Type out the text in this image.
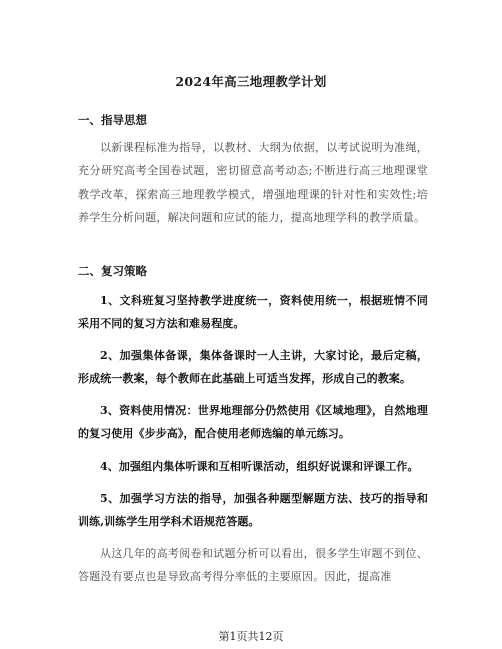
2024年高三地理教学计划
一、指导思想
以新课程标准为指导，以教材、大纲为依据，以考试说明为准绳，充分研究高考全国卷试题，密切留意高考动态;不断进行高三地理课堂教学改革，探索高三地理教学模式，增强地理课的针对性和实效性;培养学生分析问题，解决问题和应试的能力，提高地理学科的教学质量。
二、复习策略
1、文科班复习坚持教学进度统一，资料使用统一，根据班情不同采用不同的复习方法和难易程度。
2、加强集体备课，集体备课时一人主讲，大家讨论，最后定稿，形成统一教案，每个教师在此基础上可适当发挥，形成自己的教案。
3、资料使用情况：世界地理部分仍然使用《区域地理》，自然地理的复习使用《步步高》，配合使用老师选编的单元练习。
4、加强组内集体听课和互相听课活动，组织好说课和评课工作。
5、加强学习方法的指导，加强各种题型解题方法、技巧的指导和训练,训练学生用学科术语规范答题。
从这几年的高考阅卷和试题分析可以看出，很多学生审题不到位、答题没有要点也是导致高考得分率低的主要原因。因此，提高准
第1页共12页
